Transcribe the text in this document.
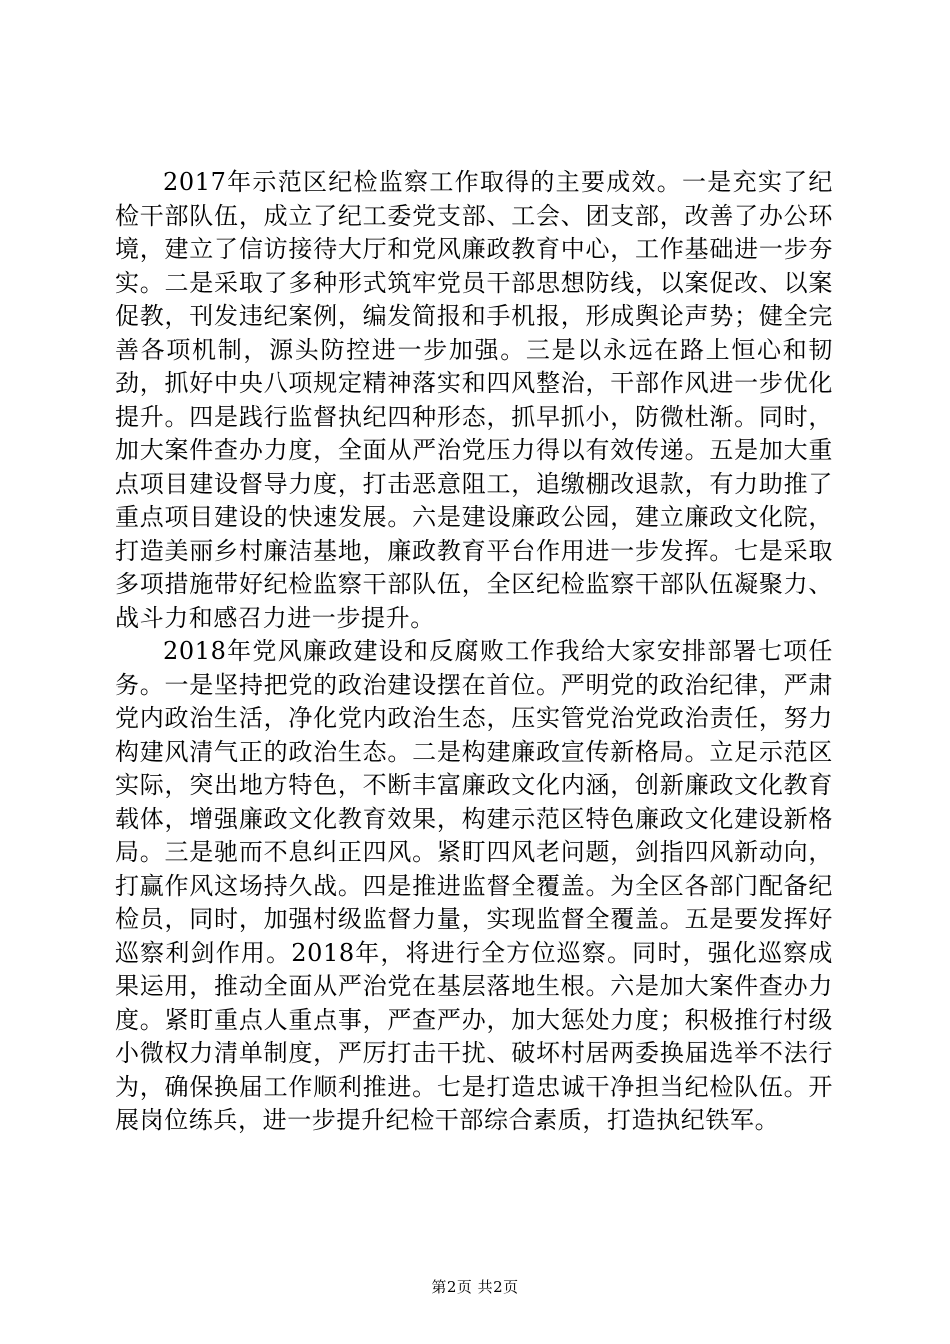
2017年示范区纪检监察工作取得的主要成效。一是充实了纪检干部队伍，成立了纪工委党支部、工会、团支部，改善了办公环境，建立了信访接待大厅和党风廉政教育中心，工作基础进一步夯实。二是采取了多种形式筑牢党员干部思想防线，以案促改、以案促教，刊发违纪案例，编发简报和手机报，形成舆论声势；健全完善各项机制，源头防控进一步加强。三是以永远在路上恒心和韧劲，抓好中央八项规定精神落实和四风整治，干部作风进一步优化提升。四是践行监督执纪四种形态，抓早抓小，防微杜渐。同时，加大案件查办力度，全面从严治党压力得以有效传递。五是加大重点项目建设督导力度，打击恶意阻工，追缴棚改退款，有力助推了重点项目建设的快速发展。六是建设廉政公园，建立廉政文化院，打造美丽乡村廉洁基地，廉政教育平台作用进一步发挥。七是采取多项措施带好纪检监察干部队伍，全区纪检监察干部队伍凝聚力、战斗力和感召力进一步提升。

2018年党风廉政建设和反腐败工作我给大家安排部署七项任务。一是坚持把党的政治建设摆在首位。严明党的政治纪律，严肃党内政治生活，净化党内政治生态，压实管党治党政治责任，努力构建风清气正的政治生态。二是构建廉政宣传新格局。立足示范区实际，突出地方特色，不断丰富廉政文化内涵，创新廉政文化教育载体，增强廉政文化教育效果，构建示范区特色廉政文化建设新格局。三是驰而不息纠正四风。紧盯四风老问题，剑指四风新动向，打赢作风这场持久战。四是推进监督全覆盖。为全区各部门配备纪检员，同时，加强村级监督力量，实现监督全覆盖。五是要发挥好巡察利剑作用。2018年，将进行全方位巡察。同时，强化巡察成果运用，推动全面从严治党在基层落地生根。六是加大案件查办力度。紧盯重点人重点事，严查严办，加大惩处力度；积极推行村级小微权力清单制度，严厉打击干扰、破坏村居两委换届选举不法行为，确保换届工作顺利推进。七是打造忠诚干净担当纪检队伍。开展岗位练兵，进一步提升纪检干部综合素质，打造执纪铁军。

第2页 共2页
